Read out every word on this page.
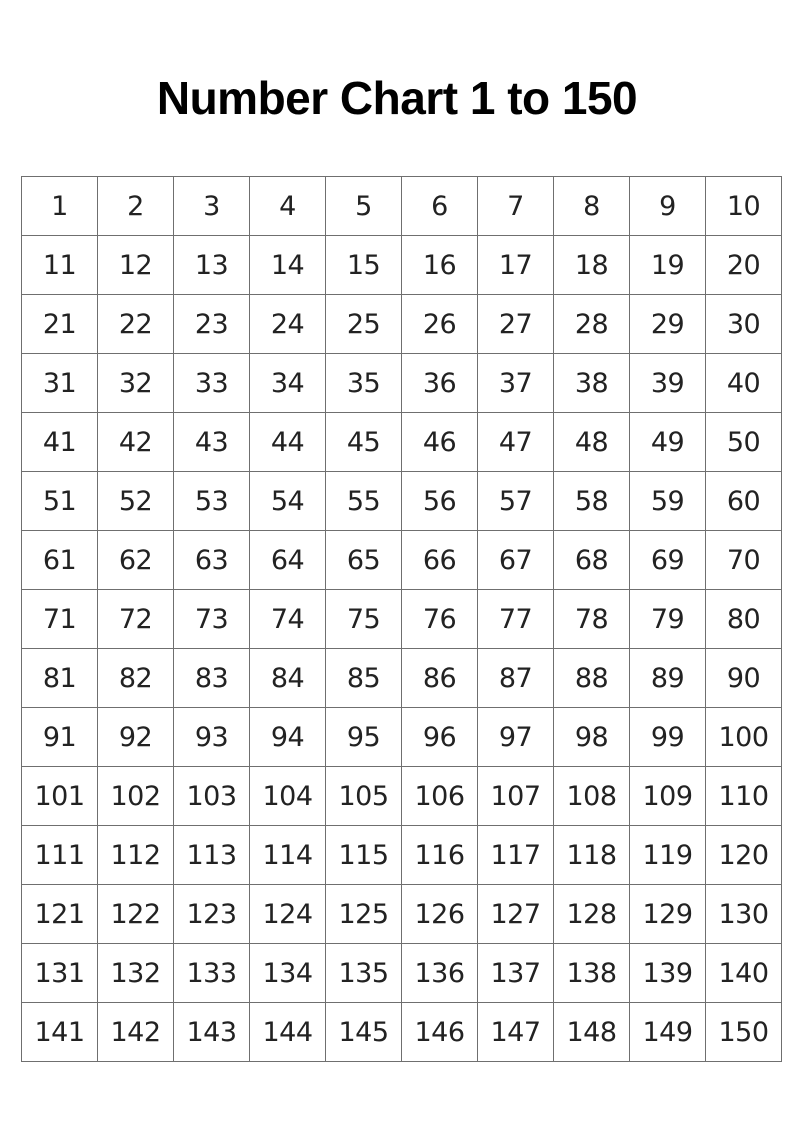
Number Chart 1 to 150
1	2	3	4	5	6	7	8	9	10
11	12	13	14	15	16	17	18	19	20
21	22	23	24	25	26	27	28	29	30
31	32	33	34	35	36	37	38	39	40
41	42	43	44	45	46	47	48	49	50
51	52	53	54	55	56	57	58	59	60
61	62	63	64	65	66	67	68	69	70
71	72	73	74	75	76	77	78	79	80
81	82	83	84	85	86	87	88	89	90
91	92	93	94	95	96	97	98	99	100
101	102	103	104	105	106	107	108	109	110
111	112	113	114	115	116	117	118	119	120
121	122	123	124	125	126	127	128	129	130
131	132	133	134	135	136	137	138	139	140
141	142	143	144	145	146	147	148	149	150
